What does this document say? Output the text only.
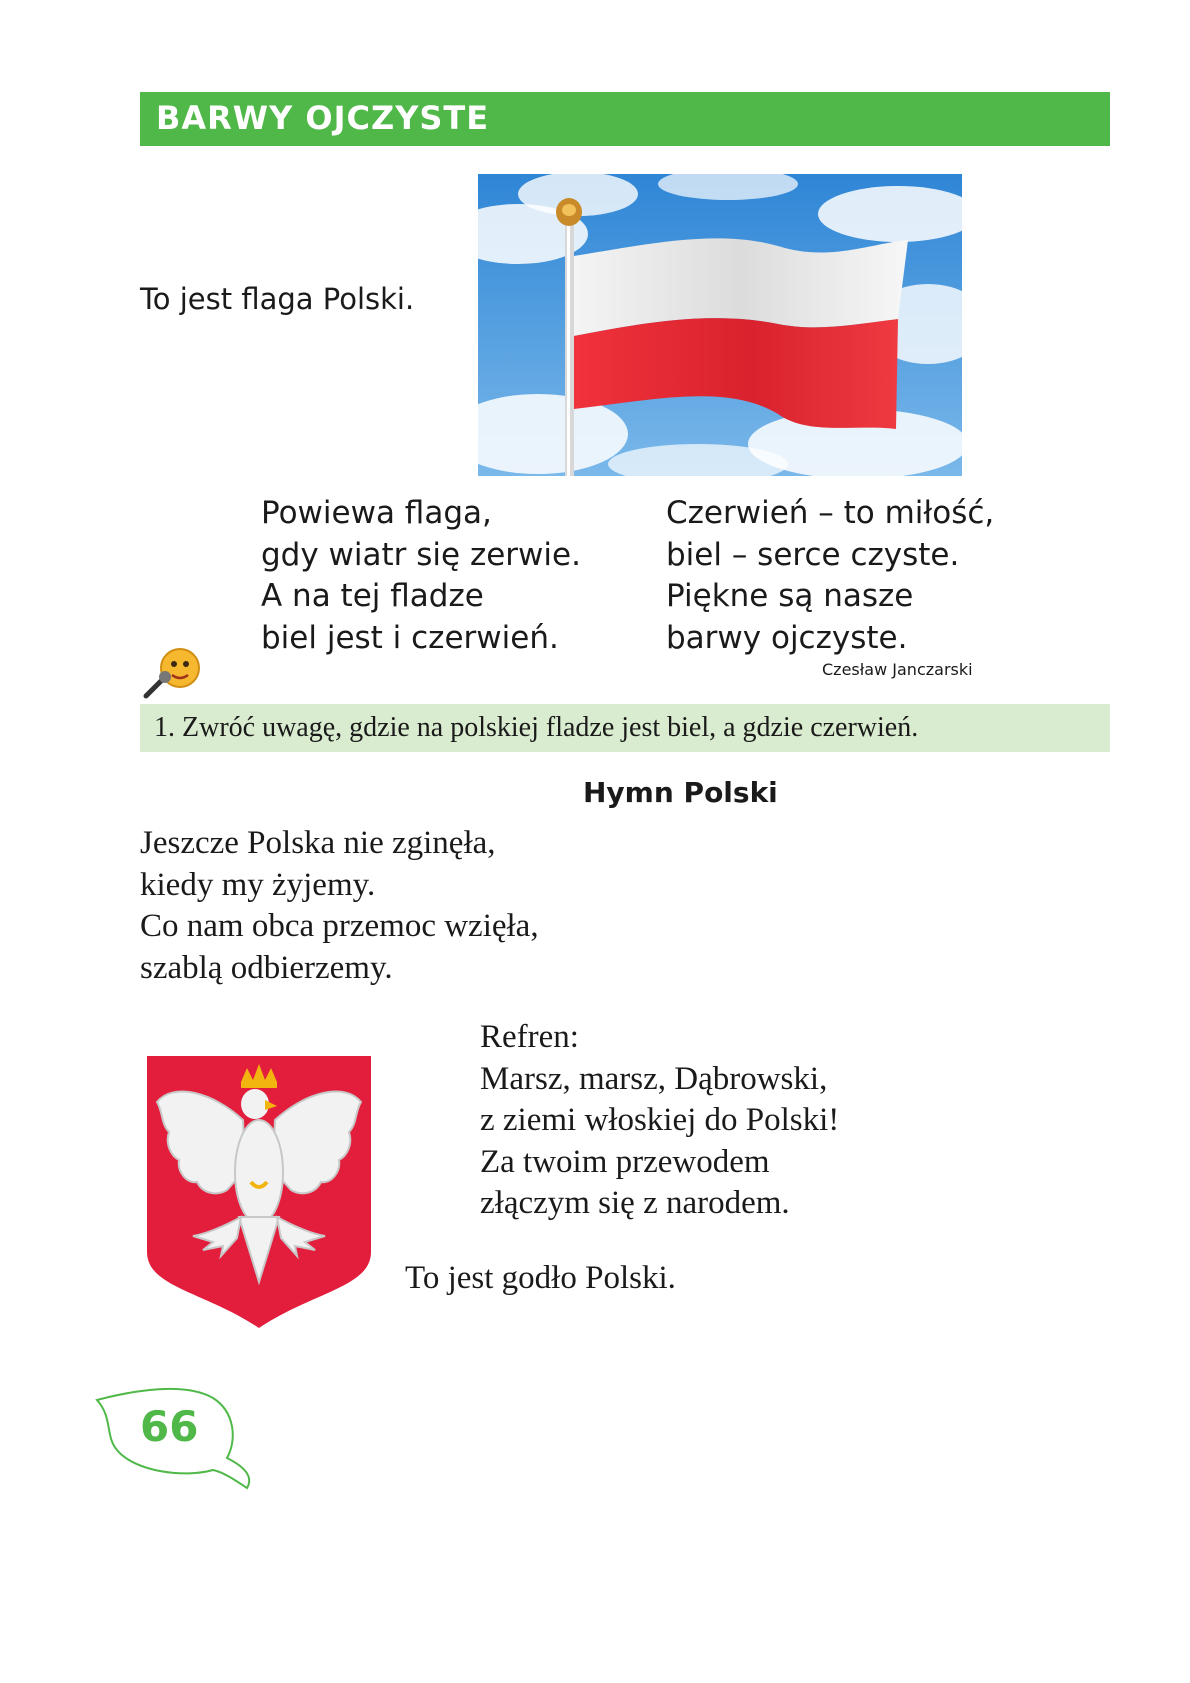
BARWY OJCZYSTE
To jest flaga Polski.
Powiewa flaga,
gdy wiatr się zerwie.
A na tej fladze
biel jest i czerwień.
Czerwień – to miłość,
biel – serce czyste.
Piękne są nasze
barwy ojczyste.
Czesław Janczarski
1. Zwróć uwagę, gdzie na polskiej fladze jest biel, a gdzie czerwień.
Hymn Polski
Jeszcze Polska nie zginęła,
kiedy my żyjemy.
Co nam obca przemoc wzięła,
szablą odbierzemy.
Refren:
Marsz, marsz, Dąbrowski,
z ziemi włoskiej do Polski!
Za twoim przewodem
złączym się z narodem.
To jest godło Polski.
66
